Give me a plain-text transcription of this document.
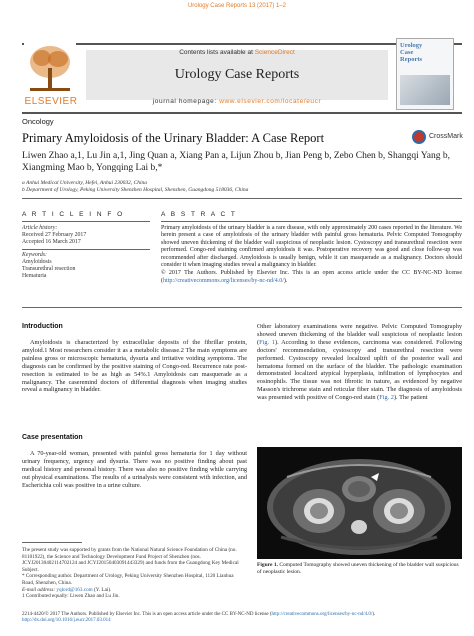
Urology Case Reports 13 (2017) 1–2
ELSEVIER
Contents lists available at ScienceDirect
Urology Case Reports
journal homepage: www.elsevier.com/locate/eucr
Urology
Case
Reports
Oncology
Primary Amyloidosis of the Urinary Bladder: A Case Report	CrossMark
Liwen Zhao a,1, Lu Jin a,1, Jing Quan a, Xiang Pan a, Lijun Zhou b, Jian Peng b, Zebo Chen b, Shangqi Yang b, Xiangming Mao b, Yongqing Lai b,*
a Anhui Medical University, Hefei, Anhui 230032, China
b Department of Urology, Peking University Shenzhen Hospital, Shenzhen, Guangdong 518036, China
A R T I C L E I N F O
Article history:
Received 27 February 2017
Accepted 16 March 2017
Keywords:
Amyloidosis
Transurethral resection
Hematuria
A B S T R A C T
Primary amyloidosis of the urinary bladder is a rare disease, with only approximately 200 cases reported in the literature. We herein present a case of amyloidosis of the urinary bladder with painful gross hematuria. Pelvic Computed Tomography showed uneven thickening of the bladder wall suspicious of neoplastic lesion. Cystoscopy and transurethral resection were performed. Congo-red staining confirmed amyloidosis it was. Postoperative recovery was good and close follow-up was recommended after discharged. Amyloidosis is usually benign, while it can masquerade as a malignancy. Doctors should consider it when imaging studies reveal a malignancy in bladder.
© 2017 The Authors. Published by Elsevier Inc. This is an open access article under the CC BY-NC-ND license (http://creativecommons.org/licenses/by-nc-nd/4.0/).
Introduction

Amyloidosis is characterized by extracellular deposits of the fibrillar protein, amyloid.1 Most researchers consider it as a metabolic disease.2 The main symptoms are painless gross or microscopic hematuria, dysuria and irritative voiding symptoms. The diagnosis can be confirmed by the positive staining of Congo-red. Recurrence rate post-resection is estimated to be as high as 54%.1 Amyloidosis can masquerade as a malignancy. The caseremind doctors of differential diagnosis when imaging studies reveal a malignancy in bladder.

Case presentation

A 70-year-old woman, presented with painful gross hematuria for 1 day without urinary frequency, urgency and dysuria. There was no positive finding about past medical history and personal history. There was also no positive finding while carrying out physical examinations. The results of a urinalysis were consistent with infection, and Escherichia coli was positive in a urine culture.

Other laboratory examinations were negative. Pelvic Computed Tomography showed uneven thickening of the bladder wall suspicious of neoplastic lesion (Fig. 1). According to these evidences, carcinoma was considered. Following doctors' recommendation, cystoscopy and transurethral resection were performed. Cystoscopy revealed localized uplift of the posterior wall and hematoma formed on the surface of the bladder. The pathologic examination demonstrated localized atypical hyperplasia, infiltration of lymphocytes and eosinophils. The tissue was not fibrotic in nature, as evidenced by negative Masson's trichrome stain and reticular fiber stain. The diagnosis of amyloidosis was presented with positive of Congo-red stain (Fig. 2). The patient
Figure 1. Computed Tomography showed uneven thickening of the bladder wall suspicious of neoplastic lesion.
The present study was supported by grants from the National Natural Science Foundation of China (no. 81101922), the Science and Technology Development Fund Project of Shenzhen (nos. JCYJ20130402114702124 and JCYJ20150403091443329) and funds from the Guangdong Key Medical Subject.
* Corresponding author. Department of Urology, Peking University Shenzhen Hospital, 1120 Lianhua Road, Shenzhen, China.
E-mail address: yqlord@163.com (Y. Lai).
1 Contributed equally: Liwen Zhao and Lu Jin.
2214-4420/© 2017 The Authors. Published by Elsevier Inc. This is an open access article under the CC BY-NC-ND license (http://creativecommons.org/licenses/by-nc-nd/4.0/).
http://dx.doi.org/10.1016/j.eucr.2017.03.014
